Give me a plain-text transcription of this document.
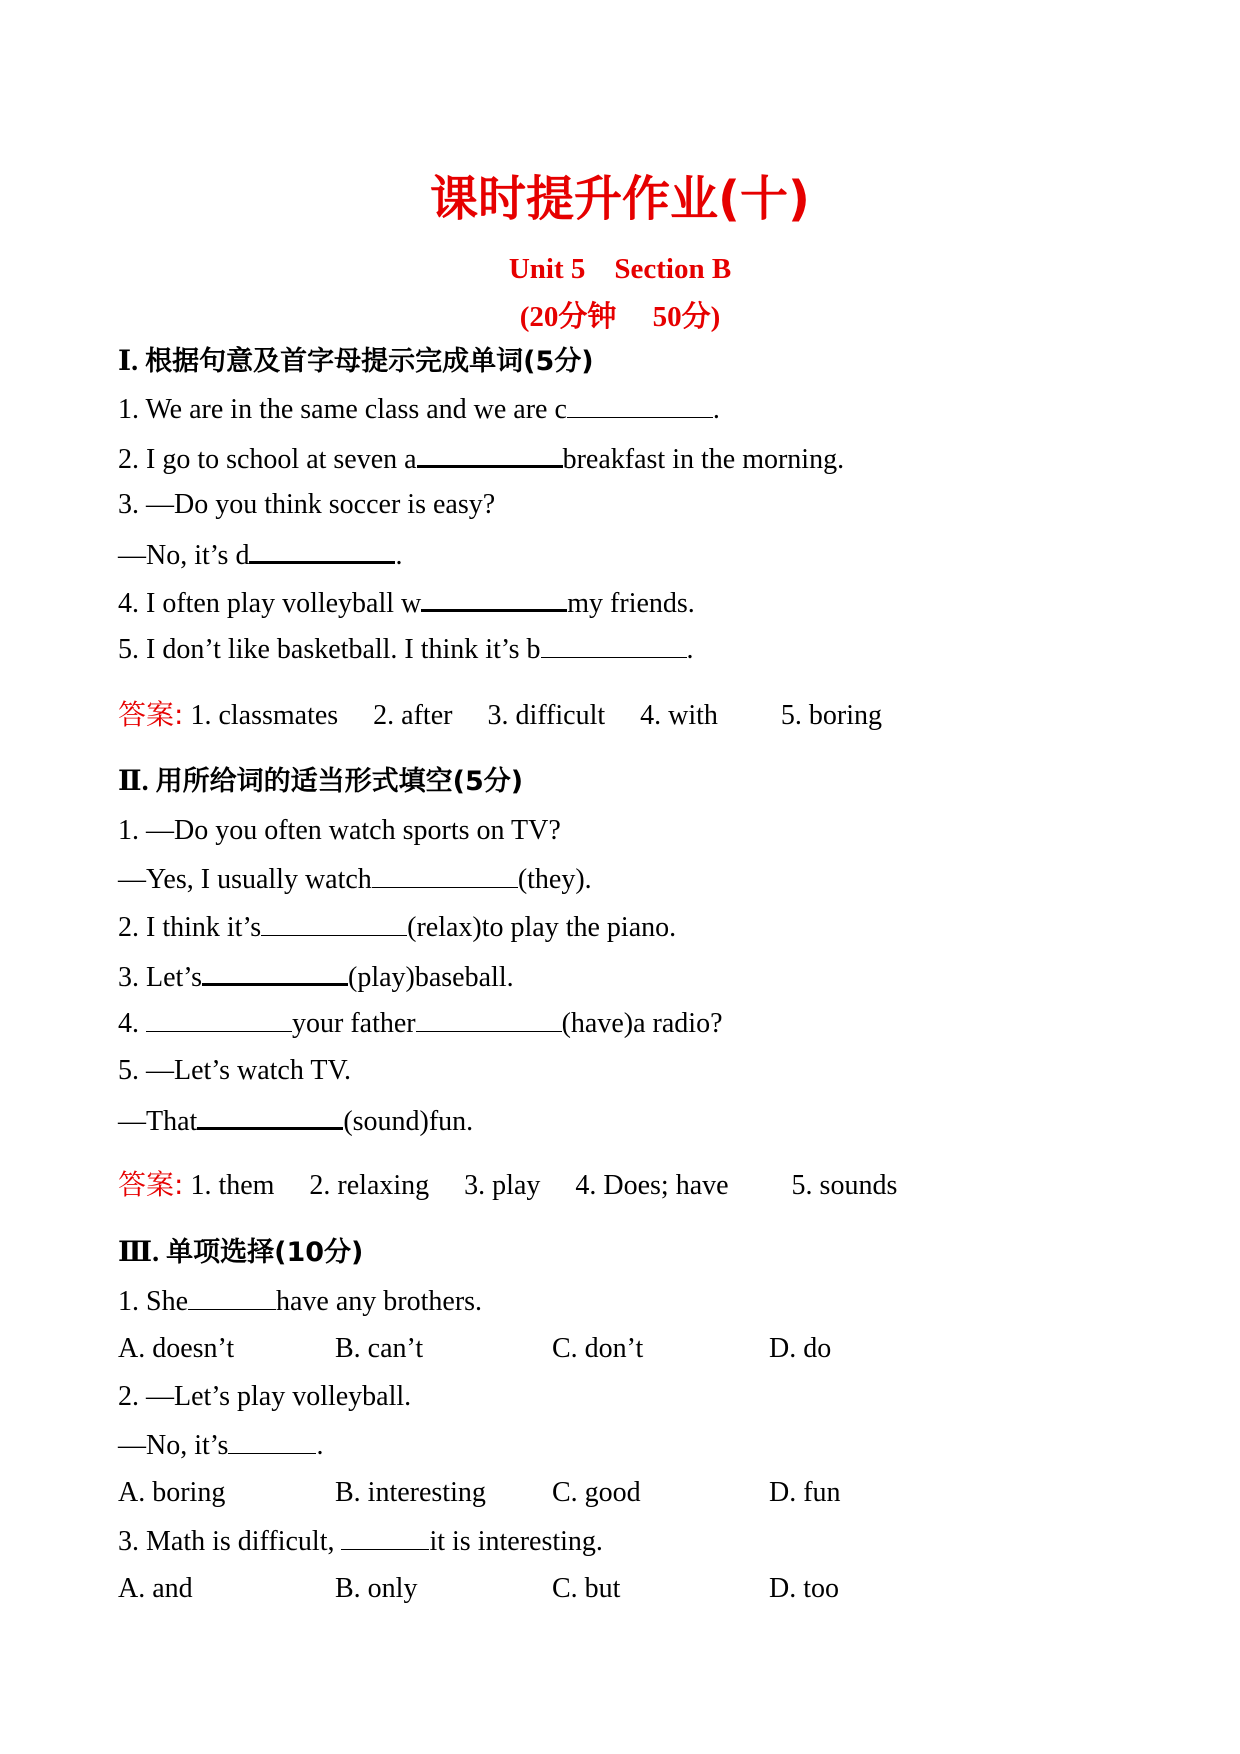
课时提升作业(十)
Unit 5　Section B
(20分钟　 50分)
Ⅰ. 根据句意及首字母提示完成单词(5分)
1. We are in the same class and we are c	.
2. I go to school at seven a	breakfast in the morning.
3. —Do you think soccer is easy?
—No, it’s d	.
4. I often play volleyball w	my friends.
5. I don’t like basketball. I think it’s b	.
答案: 1. classmates  2. after  3. difficult  4. with   5. boring
Ⅱ. 用所给词的适当形式填空(5分)
1. —Do you often watch sports on TV?
—Yes, I usually watch	(they).
2. I think it’s	(relax)to play the piano.
3. Let’s	(play)baseball.
4.	your father	(have)a radio?
5. —Let’s watch TV.
—That	(sound)fun.
答案: 1. them  2. relaxing  3. play  4. Does; have   5. sounds
Ⅲ. 单项选择(10分)
1. She	have any brothers.
A. doesn’t	B. can’t	C. don’t	D. do
2. —Let’s play volleyball.
—No, it’s	.
A. boring	B. interesting C. good	D. fun
3. Math is difficult,	it is interesting.
A. and	B. only	C. but	D. too
